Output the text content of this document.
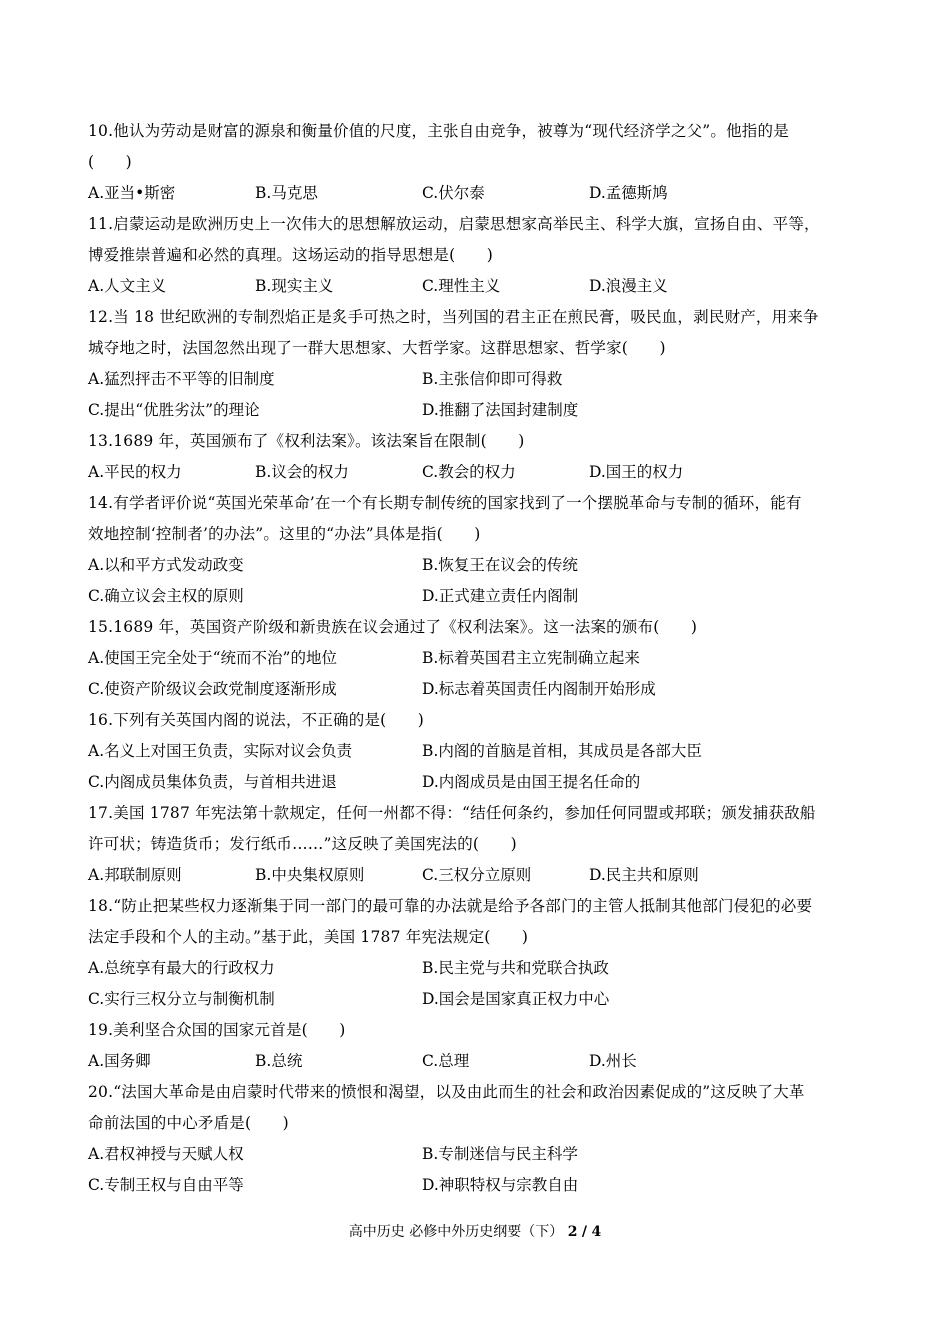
10.他认为劳动是财富的源泉和衡量价值的尺度，主张自由竞争，被尊为“现代经济学之父”。他指的是
(　　)
A.亚当•斯密	B.马克思	C.伏尔泰	D.孟德斯鸠
11.启蒙运动是欧洲历史上一次伟大的思想解放运动，启蒙思想家高举民主、科学大旗，宣扬自由、平等，
博爱推崇普遍和必然的真理。这场运动的指导思想是(　　)
A.人文主义	B.现实主义	C.理性主义	D.浪漫主义
12.当 18 世纪欧洲的专制烈焰正是炙手可热之时，当列国的君主正在煎民膏，吸民血，剥民财产，用来争
城夺地之时，法国忽然出现了一群大思想家、大哲学家。这群思想家、哲学家(　　)
A.猛烈抨击不平等的旧制度	B.主张信仰即可得救
C.提出“优胜劣汰”的理论	D.推翻了法国封建制度
13.1689 年，英国颁布了《权利法案》。该法案旨在限制(　　)
A.平民的权力	B.议会的权力	C.教会的权力	D.国王的权力
14.有学者评价说“英国光荣革命’在一个有长期专制传统的国家找到了一个摆脱革命与专制的循环，能有
效地控制‘控制者’的办法”。这里的“办法”具体是指(　　)
A.以和平方式发动政变	B.恢复王在议会的传统
C.确立议会主权的原则	D.正式建立责任内阁制
15.1689 年，英国资产阶级和新贵族在议会通过了《权利法案》。这一法案的颁布(　　)
A.使国王完全处于“统而不治”的地位	B.标着英国君主立宪制确立起来
C.使资产阶级议会政党制度逐渐形成	D.标志着英国责任内阁制开始形成
16.下列有关英国内阁的说法，不正确的是(　　)
A.名义上对国王负责，实际对议会负责	B.内阁的首脑是首相，其成员是各部大臣
C.内阁成员集体负责，与首相共进退	D.内阁成员是由国王提名任命的
17.美国 1787 年宪法第十款规定，任何一州都不得：“结任何条约，参加任何同盟或邦联；颁发捕获敌船
许可状；铸造货币；发行纸币……”这反映了美国宪法的(　　)
A.邦联制原则	B.中央集权原则	C.三权分立原则	D.民主共和原则
18.“防止把某些权力逐渐集于同一部门的最可靠的办法就是给予各部门的主管人抵制其他部门侵犯的必要
法定手段和个人的主动。”基于此，美国 1787 年宪法规定(　　)
A.总统享有最大的行政权力	B.民主党与共和党联合执政
C.实行三权分立与制衡机制	D.国会是国家真正权力中心
19.美利坚合众国的国家元首是(　　)
A.国务卿	B.总统	C.总理	D.州长
20.“法国大革命是由启蒙时代带来的愤恨和渴望，以及由此而生的社会和政治因素促成的”这反映了大革
命前法国的中心矛盾是(　　)
A.君权神授与天赋人权	B.专制迷信与民主科学
C.专制王权与自由平等	D.神职特权与宗教自由
高中历史 必修中外历史纲要（下） 2 / 4
